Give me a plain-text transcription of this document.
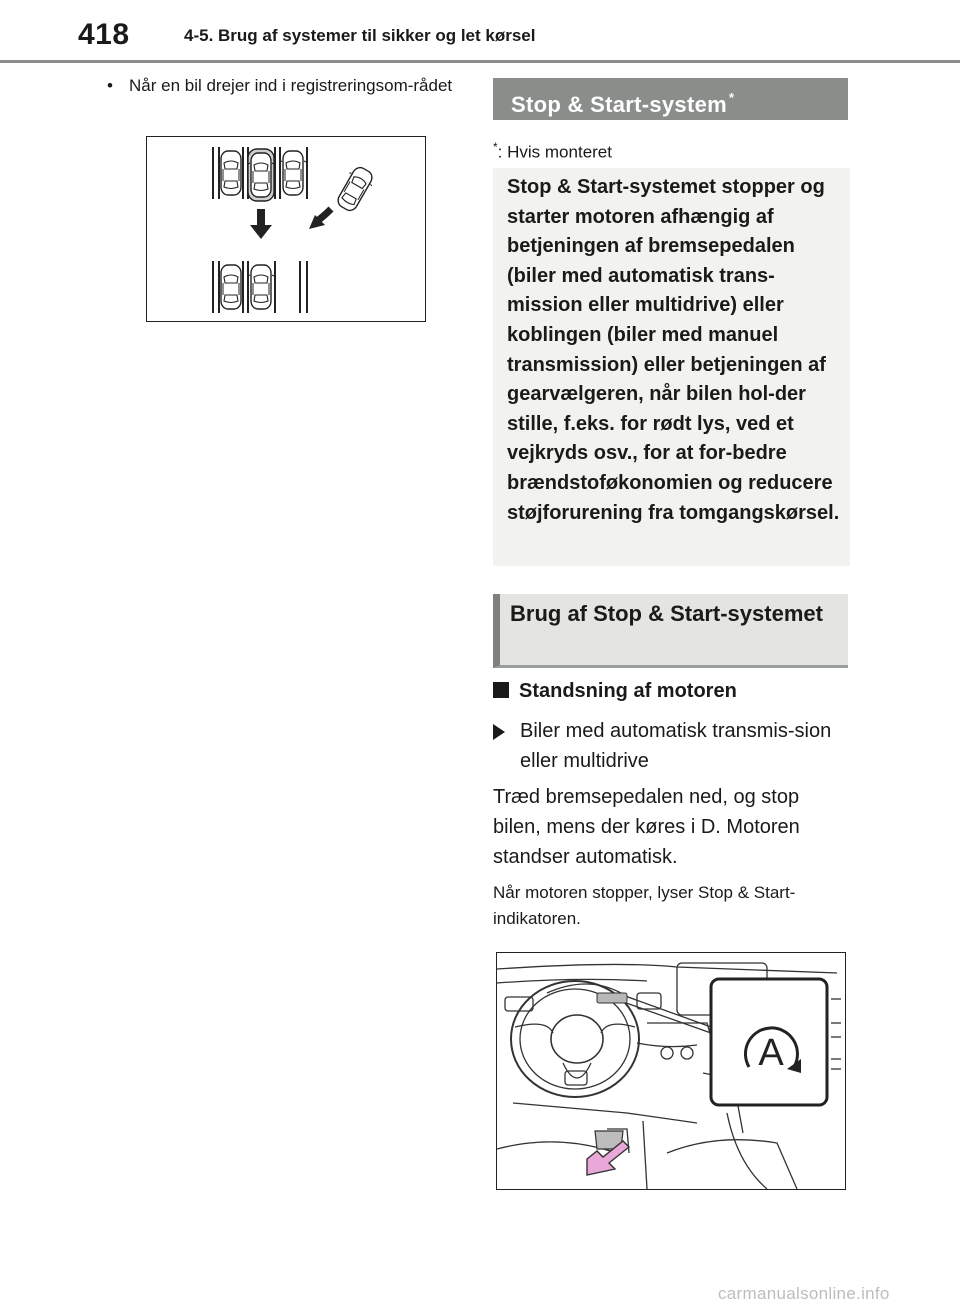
418	4-5. Brug af systemer til sikker og let kørsel
• Når en bil drejer ind i registreringsom-rådet
Stop & Start-system *
*: Hvis monteret
Stop & Start-systemet stopper og starter motoren afhængig af betjeningen af bremsepedalen (biler med automatisk trans-mission eller multidrive) eller koblingen (biler med manuel transmission) eller betjeningen af gearvælgeren, når bilen hol-der stille, f.eks. for rødt lys, ved et vejkryds osv., for at for-bedre brændstoføkonomien og reducere støjforurening fra tomgangskørsel.
Brug af Stop & Start-systemet
Standsning af motoren
Biler med automatisk transmis-sion eller multidrive
Træd bremsepedalen ned, og stop bilen, mens der køres i D. Motoren standser automatisk.
Når motoren stopper, lyser Stop & Start-indikatoren.
A
carmanualsonline.info
